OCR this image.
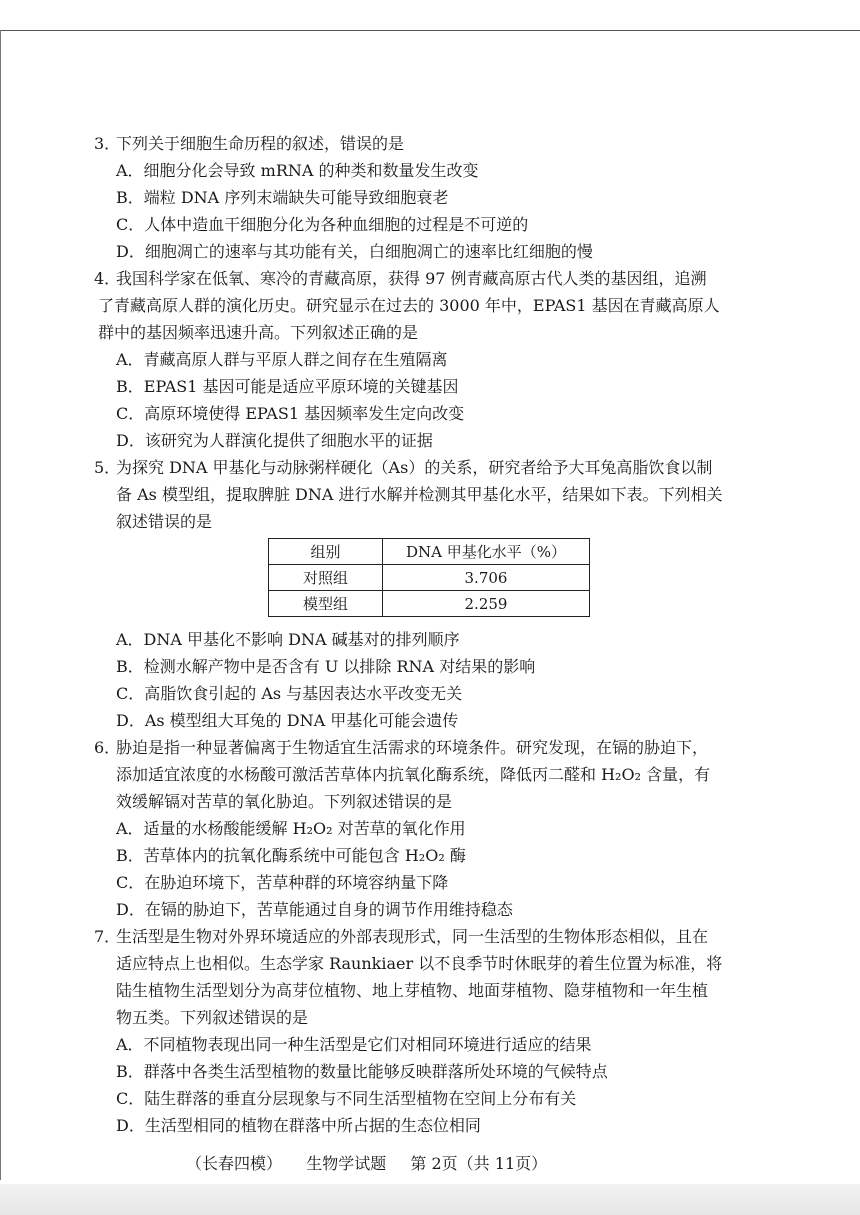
3．
下列关于细胞生命历程的叙述，错误的是
A．细胞分化会导致 mRNA 的种类和数量发生改变
B．端粒 DNA 序列末端缺失可能导致细胞衰老
C．人体中造血干细胞分化为各种血细胞的过程是不可逆的
D．细胞凋亡的速率与其功能有关，白细胞凋亡的速率比红细胞的慢
4．
我国科学家在低氧、寒冷的青藏高原，获得 97 例青藏高原古代人类的基因组，追溯
了青藏高原人群的演化历史。研究显示在过去的 3000 年中，EPAS1 基因在青藏高原人
群中的基因频率迅速升高。下列叙述正确的是
A．青藏高原人群与平原人群之间存在生殖隔离
B．EPAS1 基因可能是适应平原环境的关键基因
C．高原环境使得 EPAS1 基因频率发生定向改变
D．该研究为人群演化提供了细胞水平的证据
5．
为探究 DNA 甲基化与动脉粥样硬化（As）的关系，研究者给予大耳兔高脂饮食以制
备 As 模型组，提取脾脏 DNA 进行水解并检测其甲基化水平，结果如下表。下列相关
叙述错误的是
组别	DNA 甲基化水平（%）
对照组	3.706
模型组	2.259
A．DNA 甲基化不影响 DNA 碱基对的排列顺序
B．检测水解产物中是否含有 U 以排除 RNA 对结果的影响
C．高脂饮食引起的 As 与基因表达水平改变无关
D．As 模型组大耳兔的 DNA 甲基化可能会遗传
6．
胁迫是指一种显著偏离于生物适宜生活需求的环境条件。研究发现，在镉的胁迫下，
添加适宜浓度的水杨酸可激活苦草体内抗氧化酶系统，降低丙二醛和 H₂O₂ 含量，有
效缓解镉对苦草的氧化胁迫。下列叙述错误的是
A．适量的水杨酸能缓解 H₂O₂ 对苦草的氧化作用
B．苦草体内的抗氧化酶系统中可能包含 H₂O₂ 酶
C．在胁迫环境下，苦草种群的环境容纳量下降
D．在镉的胁迫下，苦草能通过自身的调节作用维持稳态
7．
生活型是生物对外界环境适应的外部表现形式，同一生活型的生物体形态相似，且在
适应特点上也相似。生态学家 Raunkiaer 以不良季节时休眠芽的着生位置为标准，将
陆生植物生活型划分为高芽位植物、地上芽植物、地面芽植物、隐芽植物和一年生植
物五类。下列叙述错误的是
A．不同植物表现出同一种生活型是它们对相同环境进行适应的结果
B．群落中各类生活型植物的数量比能够反映群落所处环境的气候特点
C．陆生群落的垂直分层现象与不同生活型植物在空间上分布有关
D．生活型相同的植物在群落中所占据的生态位相同
（长春四模） 生物学试题 第 2页（共 11页）
